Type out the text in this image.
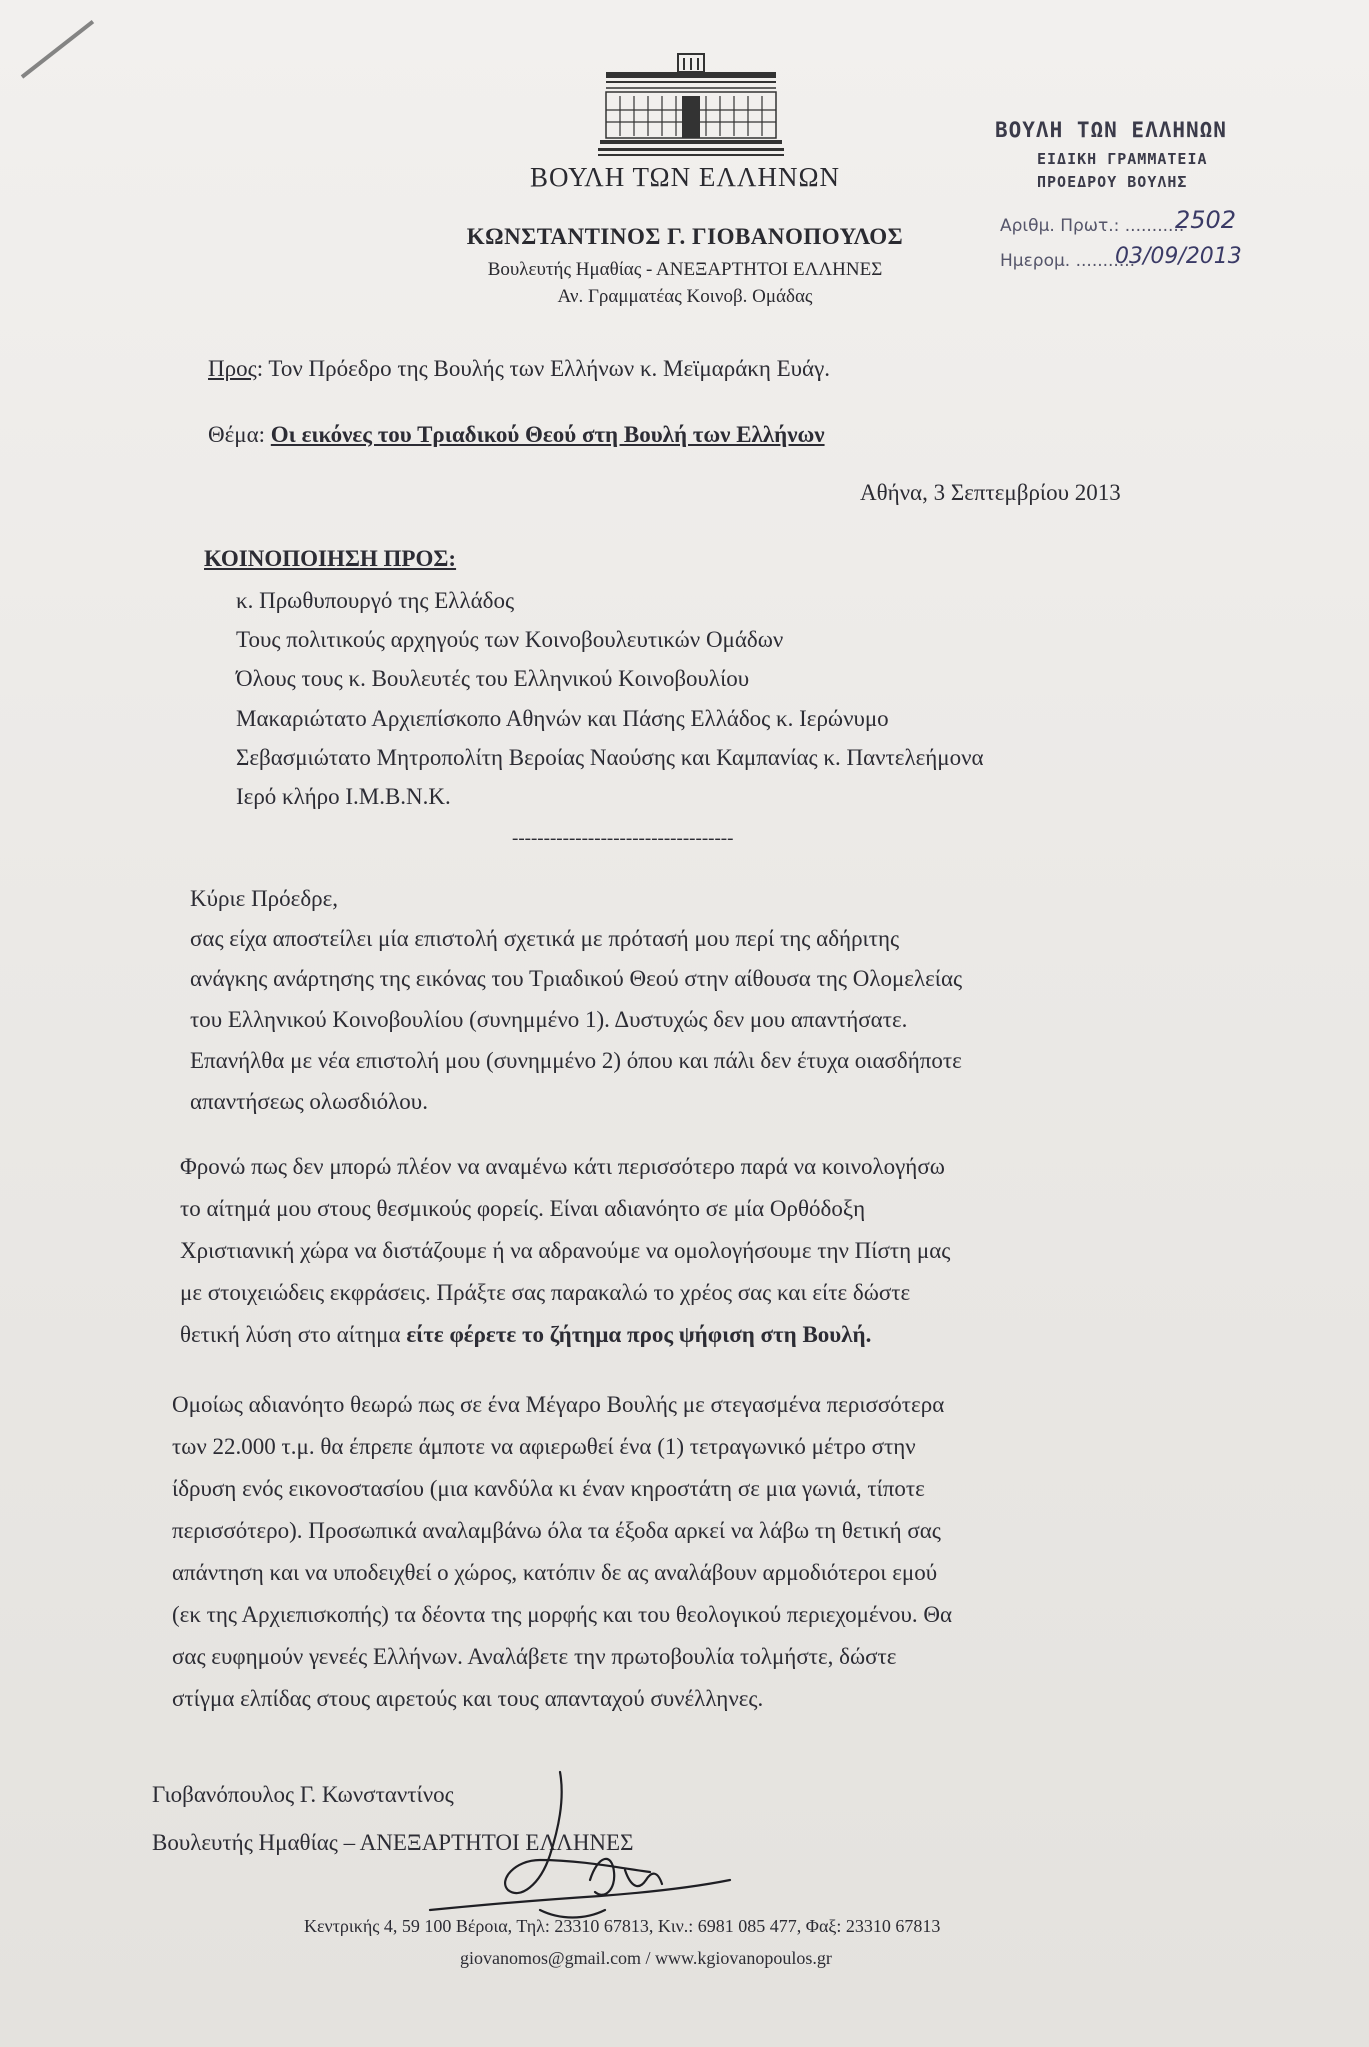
ΒΟΥΛΗ ΤΩΝ ΕΛΛΗΝΩΝ
ΚΩΝΣΤΑΝΤΙΝΟΣ Γ. ΓΙΟΒΑΝΟΠΟΥΛΟΣ
Βουλευτής Ημαθίας - ΑΝΕΞΑΡΤΗΤΟΙ ΕΛΛΗΝΕΣ
Αν. Γραμματέας Κοινοβ. Ομάδας
ΒΟΥΛΗ ΤΩΝ ΕΛΛΗΝΩΝ
ΕΙΔΙΚΗ ΓΡΑΜΜΑΤΕΙΑ
ΠΡΟΕΔΡΟΥ ΒΟΥΛΗΣ
Αριθμ. Πρωτ.: ...........
2502
Ημερομ. ...........
03/09/2013
Προς: Τον Πρόεδρο της Βουλής των Ελλήνων κ. Μεϊμαράκη Ευάγ.
Θέμα: Οι εικόνες του Τριαδικού Θεού στη Βουλή των Ελλήνων
Αθήνα, 3 Σεπτεμβρίου 2013
ΚΟΙΝΟΠΟΙΗΣΗ ΠΡΟΣ:
κ. Πρωθυπουργό της Ελλάδος
Τους πολιτικούς αρχηγούς των Κοινοβουλευτικών Ομάδων
Όλους τους κ. Βουλευτές του Ελληνικού Κοινοβουλίου
Μακαριώτατο Αρχιεπίσκοπο Αθηνών και Πάσης Ελλάδος κ. Ιερώνυμο
Σεβασμιώτατο Μητροπολίτη Βεροίας Ναούσης και Καμπανίας κ. Παντελεήμονα
Ιερό κλήρο Ι.Μ.Β.Ν.Κ.
-----------------------------------
Κύριε Πρόεδρε,
σας είχα αποστείλει μία επιστολή σχετικά με πρότασή μου περί της αδήριτης
ανάγκης ανάρτησης της εικόνας του Τριαδικού Θεού στην αίθουσα της Ολομελείας
του Ελληνικού Κοινοβουλίου (συνημμένο 1). Δυστυχώς δεν μου απαντήσατε.
Επανήλθα με νέα επιστολή μου (συνημμένο 2) όπου και πάλι δεν έτυχα οιασδήποτε
απαντήσεως ολωσδιόλου.
Φρονώ πως δεν μπορώ πλέον να αναμένω κάτι περισσότερο παρά να κοινολογήσω
το αίτημά μου στους θεσμικούς φορείς. Είναι αδιανόητο σε μία Ορθόδοξη
Χριστιανική χώρα να διστάζουμε ή να αδρανούμε να ομολογήσουμε την Πίστη μας
με στοιχειώδεις εκφράσεις. Πράξτε σας παρακαλώ το χρέος σας και είτε δώστε
θετική λύση στο αίτημα είτε φέρετε το ζήτημα προς ψήφιση στη Βουλή.
Ομοίως αδιανόητο θεωρώ πως σε ένα Μέγαρο Βουλής με στεγασμένα περισσότερα
των 22.000 τ.μ. θα έπρεπε άμποτε να αφιερωθεί ένα (1) τετραγωνικό μέτρο στην
ίδρυση ενός εικονοστασίου (μια κανδύλα κι έναν κηροστάτη σε μια γωνιά, τίποτε
περισσότερο). Προσωπικά αναλαμβάνω όλα τα έξοδα αρκεί να λάβω τη θετική σας
απάντηση και να υποδειχθεί ο χώρος, κατόπιν δε ας αναλάβουν αρμοδιότεροι εμού
(εκ της Αρχιεπισκοπής) τα δέοντα της μορφής και του θεολογικού περιεχομένου. Θα
σας ευφημούν γενεές Ελλήνων. Αναλάβετε την πρωτοβουλία τολμήστε, δώστε
στίγμα ελπίδας στους αιρετούς και τους απανταχού συνέλληνες.
Γιοβανόπουλος Γ. Κωνσταντίνος
Βουλευτής Ημαθίας – ΑΝΕΞΑΡΤΗΤΟΙ ΕΛΛΗΝΕΣ
Κεντρικής 4, 59 100 Βέροια, Τηλ: 23310 67813, Κιν.: 6981 085 477, Φαξ: 23310 67813
giovanomos@gmail.com / www.kgiovanopoulos.gr
